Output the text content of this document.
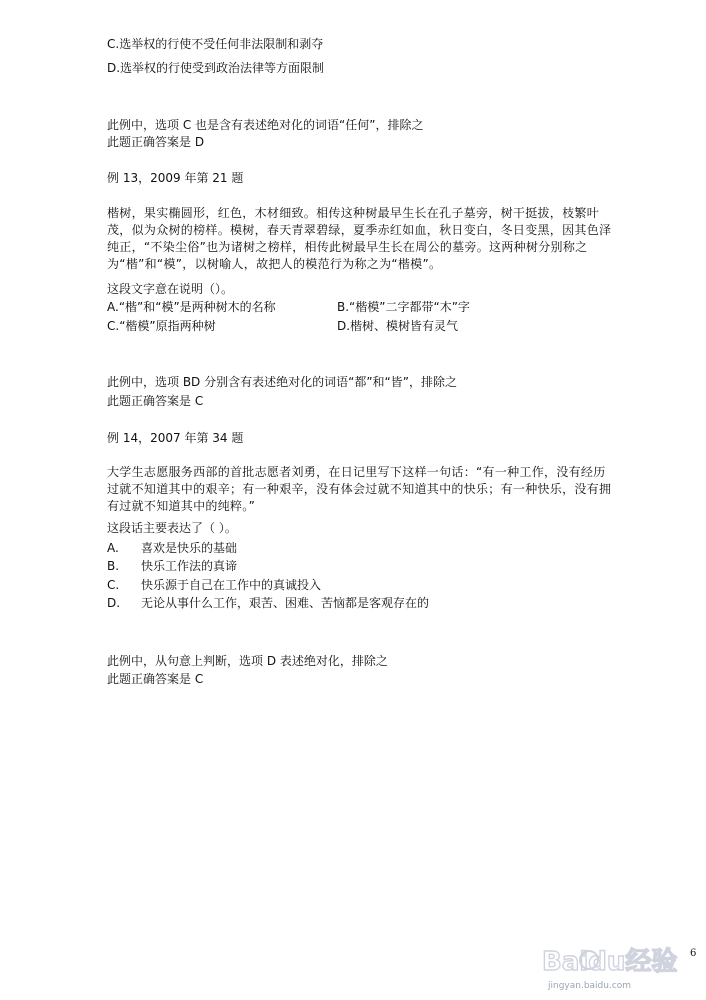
C.选举权的行使不受任何非法限制和剥夺
D.选举权的行使受到政治法律等方面限制
此例中，选项 C 也是含有表述绝对化的词语“任何”，排除之
此题正确答案是 D
例 13，2009 年第 21 题
楷树，果实椭圆形，红色，木材细致。相传这种树最早生长在孔子墓旁，树干挺拔，枝繁叶茂，似为众树的榜样。模树，春天青翠碧绿，夏季赤红如血，秋日变白，冬日变黑，因其色泽纯正，“不染尘俗”也为诸树之榜样，相传此树最早生长在周公的墓旁。这两种树分别称之为“楷”和“模”，以树喻人，故把人的模范行为称之为“楷模”。
这段文字意在说明（）。
A.“楷”和“模”是两种树木的名称	B.“楷模”二字都带“木”字
C.“楷模”原指两种树	D.楷树、模树皆有灵气
此例中，选项 BD 分别含有表述绝对化的词语“都”和“皆”，排除之
此题正确答案是 C
例 14，2007 年第 34 题
大学生志愿服务西部的首批志愿者刘勇，在日记里写下这样一句话：“有一种工作，没有经历过就不知道其中的艰辛；有一种艰辛，没有体会过就不知道其中的快乐；有一种快乐，没有拥有过就不知道其中的纯粹。”
这段话主要表达了（ ）。
A. 喜欢是快乐的基础
B. 快乐工作法的真谛
C. 快乐源于自己在工作中的真诚投入
D. 无论从事什么工作，艰苦、困难、苦恼都是客观存在的
此例中，从句意上判断，选项 D 表述绝对化，排除之
此题正确答案是 C
6
Baidu经验
jingyan.baidu.com
